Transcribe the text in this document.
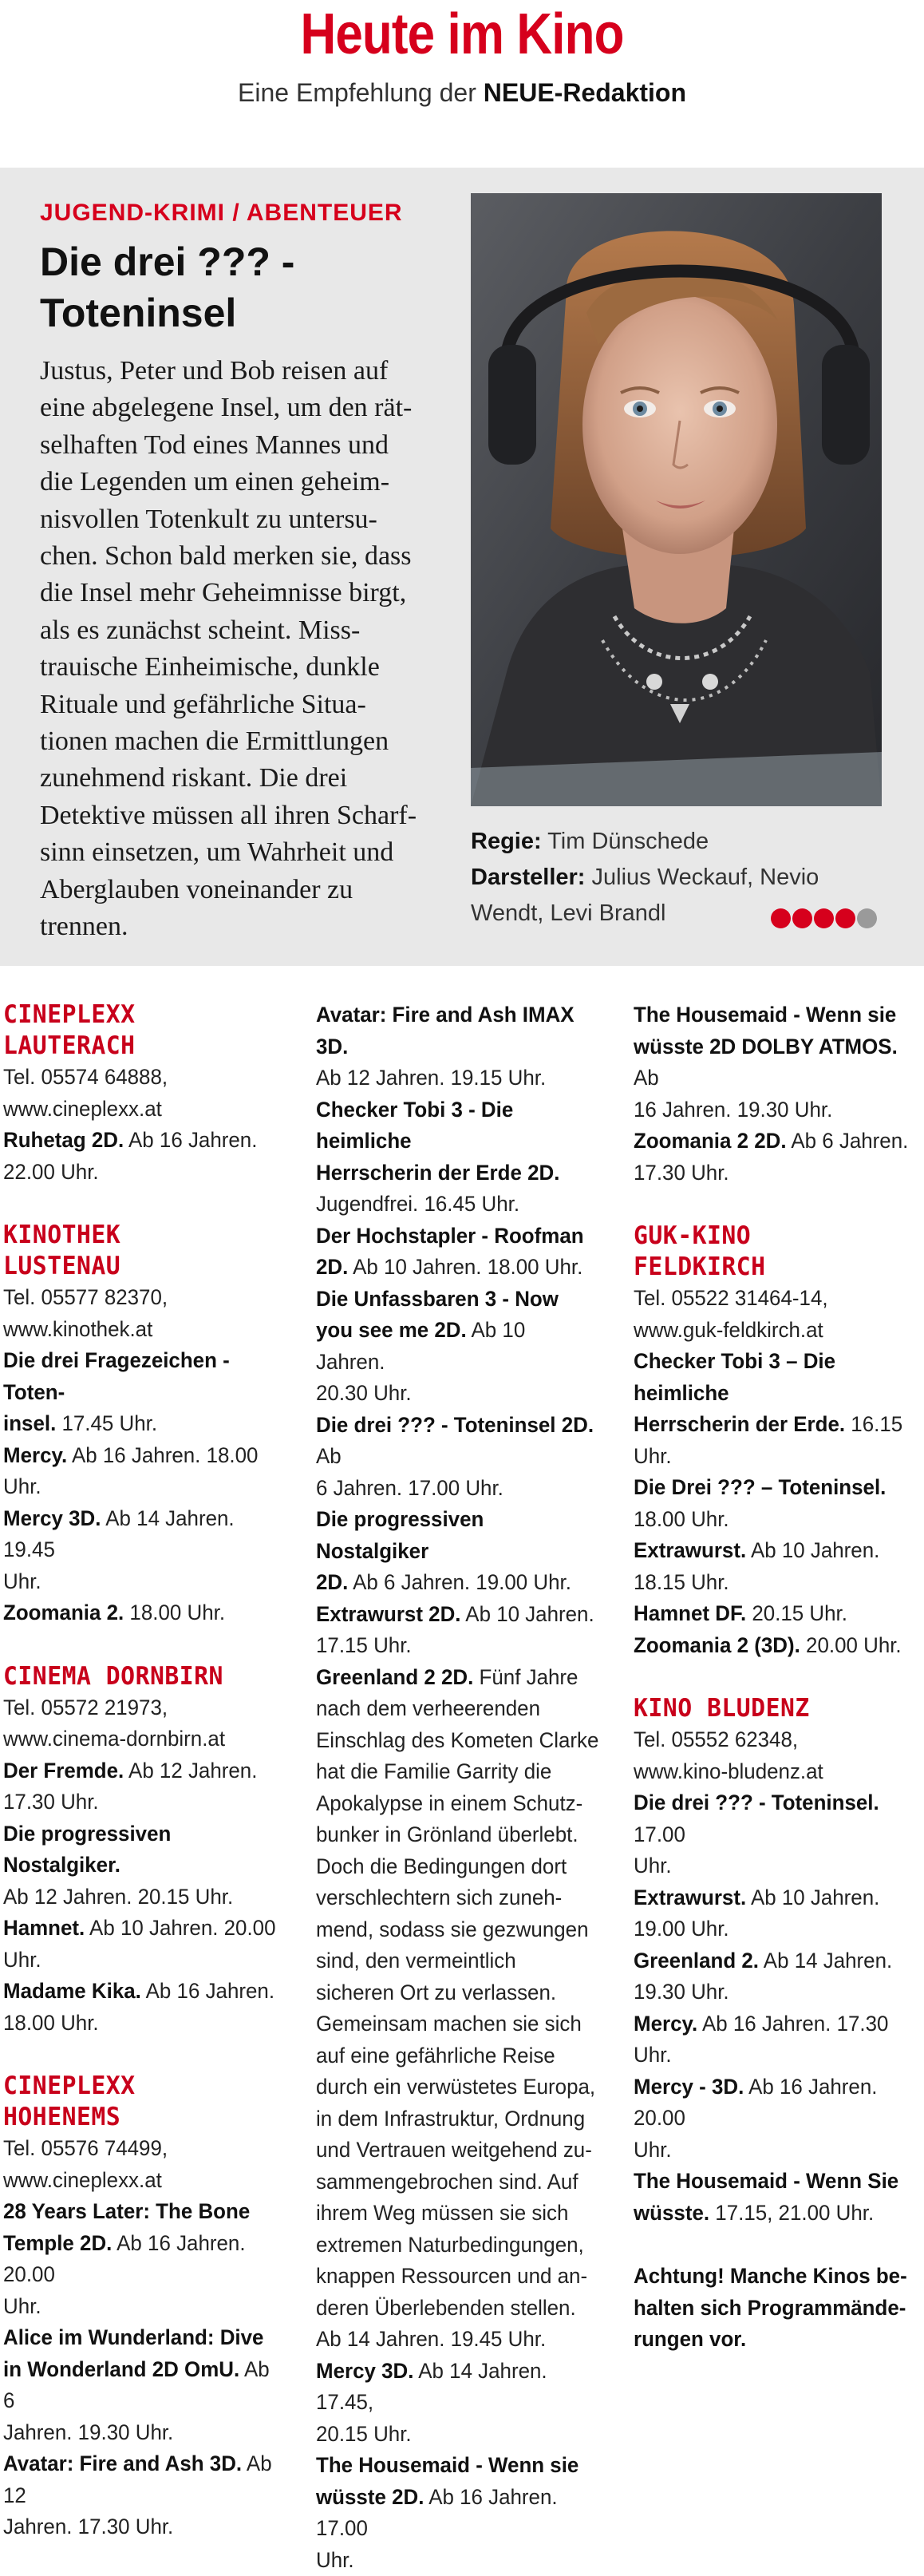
Heute im Kino
Eine Empfehlung der NEUE-Redaktion
JUGEND-KRIMI / ABENTEUER
Die drei ??? -
Toteninsel
Justus, Peter und Bob reisen auf
eine abgelegene Insel, um den rät-
selhaften Tod eines Mannes und
die Legenden um einen geheim-
nisvollen Totenkult zu untersu-
chen. Schon bald merken sie, dass
die Insel mehr Geheimnisse birgt,
als es zunächst scheint. Miss-
trauische Einheimische, dunkle
Rituale und gefährliche Situa-
tionen machen die Ermittlungen
zunehmend riskant. Die drei
Detektive müssen all ihren Scharf-
sinn einsetzen, um Wahrheit und
Aberglauben voneinander zu
trennen.
Regie: Tim Dünschede
Darsteller: Julius Weckauf, Nevio
Wendt, Levi Brandl
CINEPLEXX
LAUTERACH
Tel. 05574 64888,
www.cineplexx.at
Ruhetag 2D. Ab 16 Jahren.
22.00 Uhr.
KINOTHEK
LUSTENAU
Tel. 05577 82370,
www.kinothek.at
Die drei Fragezeichen - Toten-
insel. 17.45 Uhr.
Mercy. Ab 16 Jahren. 18.00 Uhr.
Mercy 3D. Ab 14 Jahren. 19.45
Uhr.
Zoomania 2. 18.00 Uhr.
CINEMA DORNBIRN
Tel. 05572 21973,
www.cinema-dornbirn.at
Der Fremde. Ab 12 Jahren.
17.30 Uhr.
Die progressiven Nostalgiker.
Ab 12 Jahren. 20.15 Uhr.
Hamnet. Ab 10 Jahren. 20.00
Uhr.
Madame Kika. Ab 16 Jahren.
18.00 Uhr.
CINEPLEXX
HOHENEMS
Tel. 05576 74499,
www.cineplexx.at
28 Years Later: The Bone
Temple 2D. Ab 16 Jahren. 20.00
Uhr.
Alice im Wunderland: Dive
in Wonderland 2D OmU. Ab 6
Jahren. 19.30 Uhr.
Avatar: Fire and Ash 3D. Ab 12
Jahren. 17.30 Uhr.
Avatar: Fire and Ash IMAX 3D.
Ab 12 Jahren. 19.15 Uhr.
Checker Tobi 3 - Die heimliche
Herrscherin der Erde 2D.
Jugendfrei. 16.45 Uhr.
Der Hochstapler - Roofman
2D. Ab 10 Jahren. 18.00 Uhr.
Die Unfassbaren 3 - Now
you see me 2D. Ab 10 Jahren.
20.30 Uhr.
Die drei ??? - Toteninsel 2D. Ab
6 Jahren. 17.00 Uhr.
Die progressiven Nostalgiker
2D. Ab 6 Jahren. 19.00 Uhr.
Extrawurst 2D. Ab 10 Jahren.
17.15 Uhr.
Greenland 2 2D. Fünf Jahre
nach dem verheerenden
Einschlag des Kometen Clarke
hat die Familie Garrity die
Apokalypse in einem Schutz-
bunker in Grönland überlebt.
Doch die Bedingungen dort
verschlechtern sich zuneh-
mend, sodass sie gezwungen
sind, den vermeintlich
sicheren Ort zu verlassen.
Gemeinsam machen sie sich
auf eine gefährliche Reise
durch ein verwüstetes Europa,
in dem Infrastruktur, Ordnung
und Vertrauen weitgehend zu-
sammengebrochen sind. Auf
ihrem Weg müssen sie sich
extremen Naturbedingungen,
knappen Ressourcen und an-
deren Überlebenden stellen.
Ab 14 Jahren. 19.45 Uhr.
Mercy 3D. Ab 14 Jahren. 17.45,
20.15 Uhr.
The Housemaid - Wenn sie
wüsste 2D. Ab 16 Jahren. 17.00
Uhr.
The Housemaid - Wenn sie
wüsste 2D DOLBY ATMOS. Ab
16 Jahren. 19.30 Uhr.
Zoomania 2 2D. Ab 6 Jahren.
17.30 Uhr.
GUK-KINO
FELDKIRCH
Tel. 05522 31464-14,
www.guk-feldkirch.at
Checker Tobi 3 – Die heimliche
Herrscherin der Erde. 16.15 Uhr.
Die Drei ??? – Toteninsel.
18.00 Uhr.
Extrawurst. Ab 10 Jahren.
18.15 Uhr.
Hamnet DF. 20.15 Uhr.
Zoomania 2 (3D). 20.00 Uhr.
KINO BLUDENZ
Tel. 05552 62348,
www.kino-bludenz.at
Die drei ??? - Toteninsel. 17.00
Uhr.
Extrawurst. Ab 10 Jahren.
19.00 Uhr.
Greenland 2. Ab 14 Jahren.
19.30 Uhr.
Mercy. Ab 16 Jahren. 17.30 Uhr.
Mercy - 3D. Ab 16 Jahren. 20.00
Uhr.
The Housemaid - Wenn Sie
wüsste. 17.15, 21.00 Uhr.
Achtung! Manche Kinos be-
halten sich Programmände-
rungen vor.
